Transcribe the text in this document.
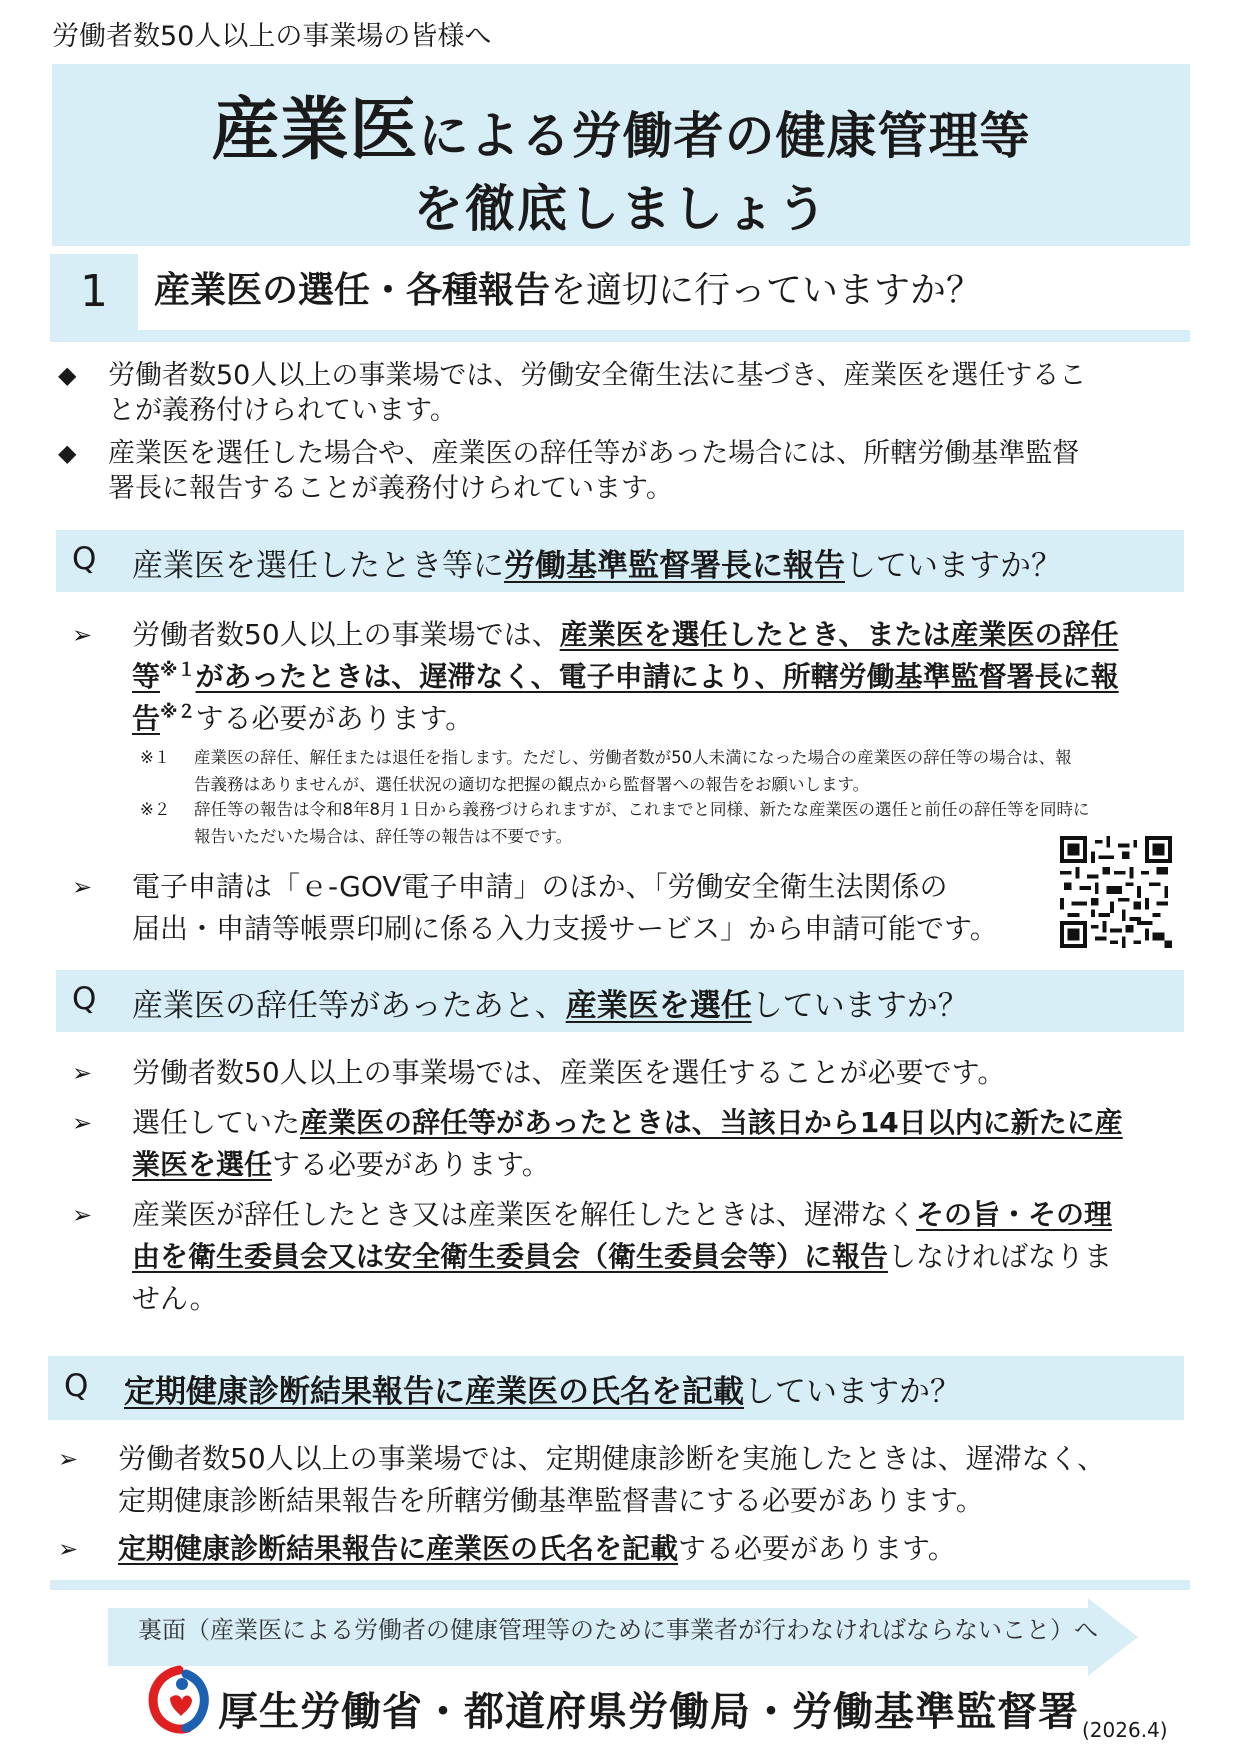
労働者数50人以上の事業場の皆様へ
産業医による労働者の健康管理等
を徹底しましょう
1	産業医の選任・各種報告を適切に行っていますか？
◆ 労働者数50人以上の事業場では、労働安全衛生法に基づき、産業医を選任するこ
とが義務付けられています。
◆ 産業医を選任した場合や、産業医の辞任等があった場合には、所轄労働基準監督
署長に報告することが義務付けられています。
Q 産業医を選任したとき等に労働基準監督署長に報告していますか？
➢ 労働者数50人以上の事業場では、産業医を選任したとき、または産業医の辞任
等$^{※1}$があったときは、遅滞なく、電子申請により、所轄労働基準監督署長に報
告$^{※2}$する必要があります。
※１ 産業医の辞任、解任または退任を指します。ただし、労働者数が50人未満になった場合の産業医の辞任等の場合は、報
告義務はありませんが、選任状況の適切な把握の観点から監督署への報告をお願いします。
※２ 辞任等の報告は令和8年8月１日から義務づけられますが、これまでと同様、新たな産業医の選任と前任の辞任等を同時に
報告いただいた場合は、辞任等の報告は不要です。
➢ 電子申請は「ｅ-GOV電子申請」のほか、「労働安全衛生法関係の
届出・申請等帳票印刷に係る入力支援サービス」から申請可能です。
Q 産業医の辞任等があったあと、産業医を選任していますか？
➢ 労働者数50人以上の事業場では、産業医を選任することが必要です。
➢ 選任していた産業医の辞任等があったときは、当該日から14日以内に新たに産
業医を選任する必要があります。
➢ 産業医が辞任したとき又は産業医を解任したときは、遅滞なくその旨・その理
由を衛生委員会又は安全衛生委員会（衛生委員会等）に報告しなければなりま
せん。
Q 定期健康診断結果報告に産業医の氏名を記載していますか？
➢ 労働者数50人以上の事業場では、定期健康診断を実施したときは、遅滞なく、
定期健康診断結果報告を所轄労働基準監督書にする必要があります。
➢ 定期健康診断結果報告に産業医の氏名を記載する必要があります。
裏面（産業医による労働者の健康管理等のために事業者が行わなければならないこと）へ
厚生労働省・都道府県労働局・労働基準監督署 (2026.4)
